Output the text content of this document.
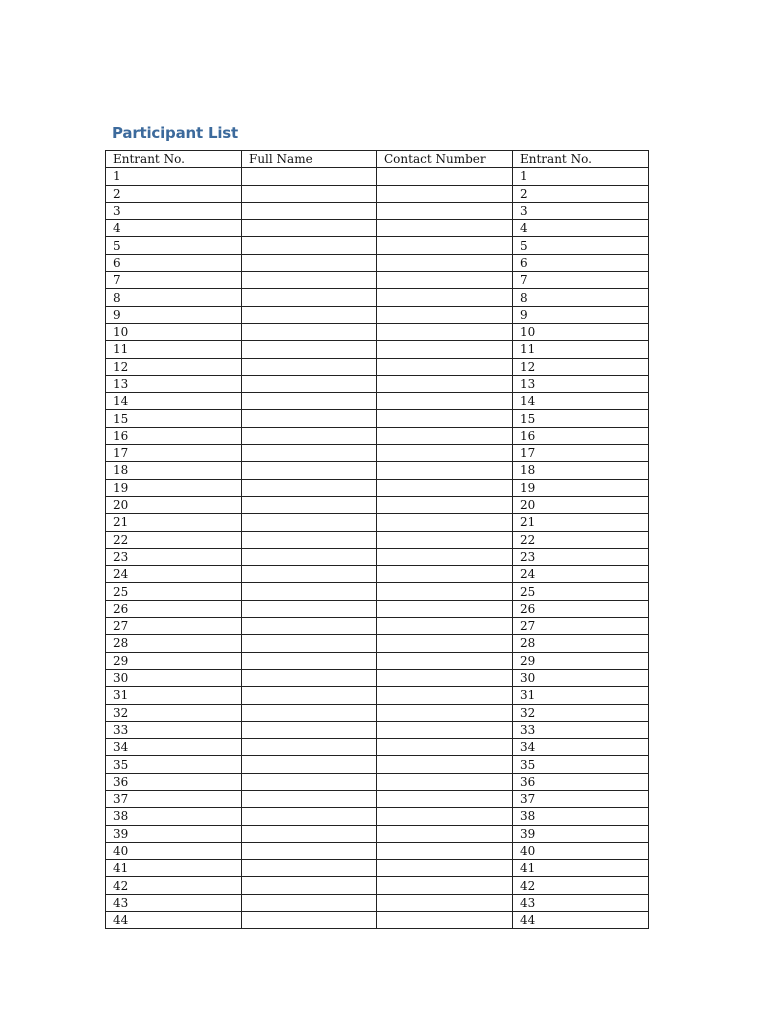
Participant List
Entrant No.	Full Name	Contact Number	Entrant No.
1			1
2			2
3			3
4			4
5			5
6			6
7			7
8			8
9			9
10			10
11			11
12			12
13			13
14			14
15			15
16			16
17			17
18			18
19			19
20			20
21			21
22			22
23			23
24			24
25			25
26			26
27			27
28			28
29			29
30			30
31			31
32			32
33			33
34			34
35			35
36			36
37			37
38			38
39			39
40			40
41			41
42			42
43			43
44			44
